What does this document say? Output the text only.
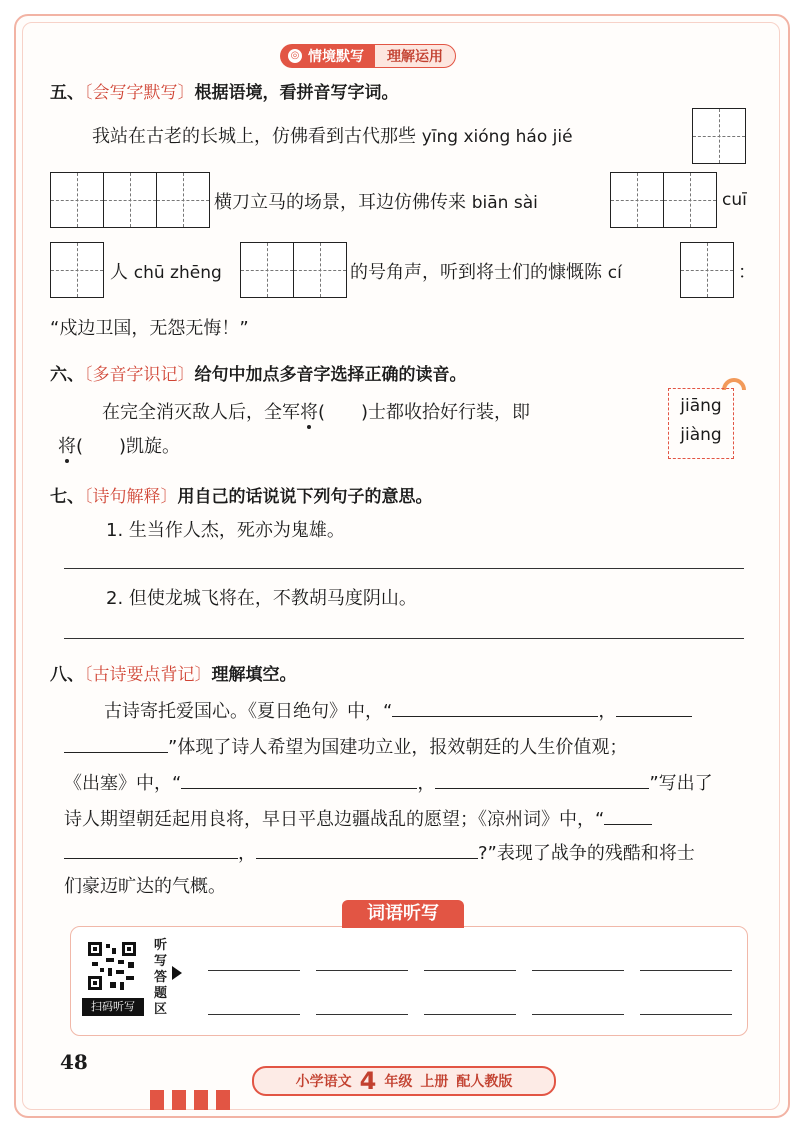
◎ 情境默写	理解运用
五、〔会写字默写〕根据语境，看拼音写字词。
我站在古老的长城上，仿佛看到古代那些 yīng xióng háo jié
横刀立马的场景，耳边仿佛传来 biān sài	cuī
人 chū zhēng	的号角声，听到将士们的慷慨陈 cí	：
“戍边卫国，无怨无悔！”
六、〔多音字识记〕给句中加点多音字选择正确的读音。
在完全消灭敌人后，全军将(　　)士都收拾好行装，即
将(　　)凯旋。
jiāng
jiàng
七、〔诗句解释〕用自己的话说说下列句子的意思。
1. 生当作人杰，死亦为鬼雄。
2. 但使龙城飞将在，不教胡马度阴山。
八、〔古诗要点背记〕理解填空。
古诗寄托爱国心。《夏日绝句》中，“	，
”体现了诗人希望为国建功立业，报效朝廷的人生价值观；
《出塞》中，“	，	”写出了
诗人期望朝廷起用良将，早日平息边疆战乱的愿望；《凉州词》中，“
，	?”表现了战争的残酷和将士
们豪迈旷达的气概。
词语听写
扫码听写
听写答题区
48
小学语文 4 年级 上册 配人教版
